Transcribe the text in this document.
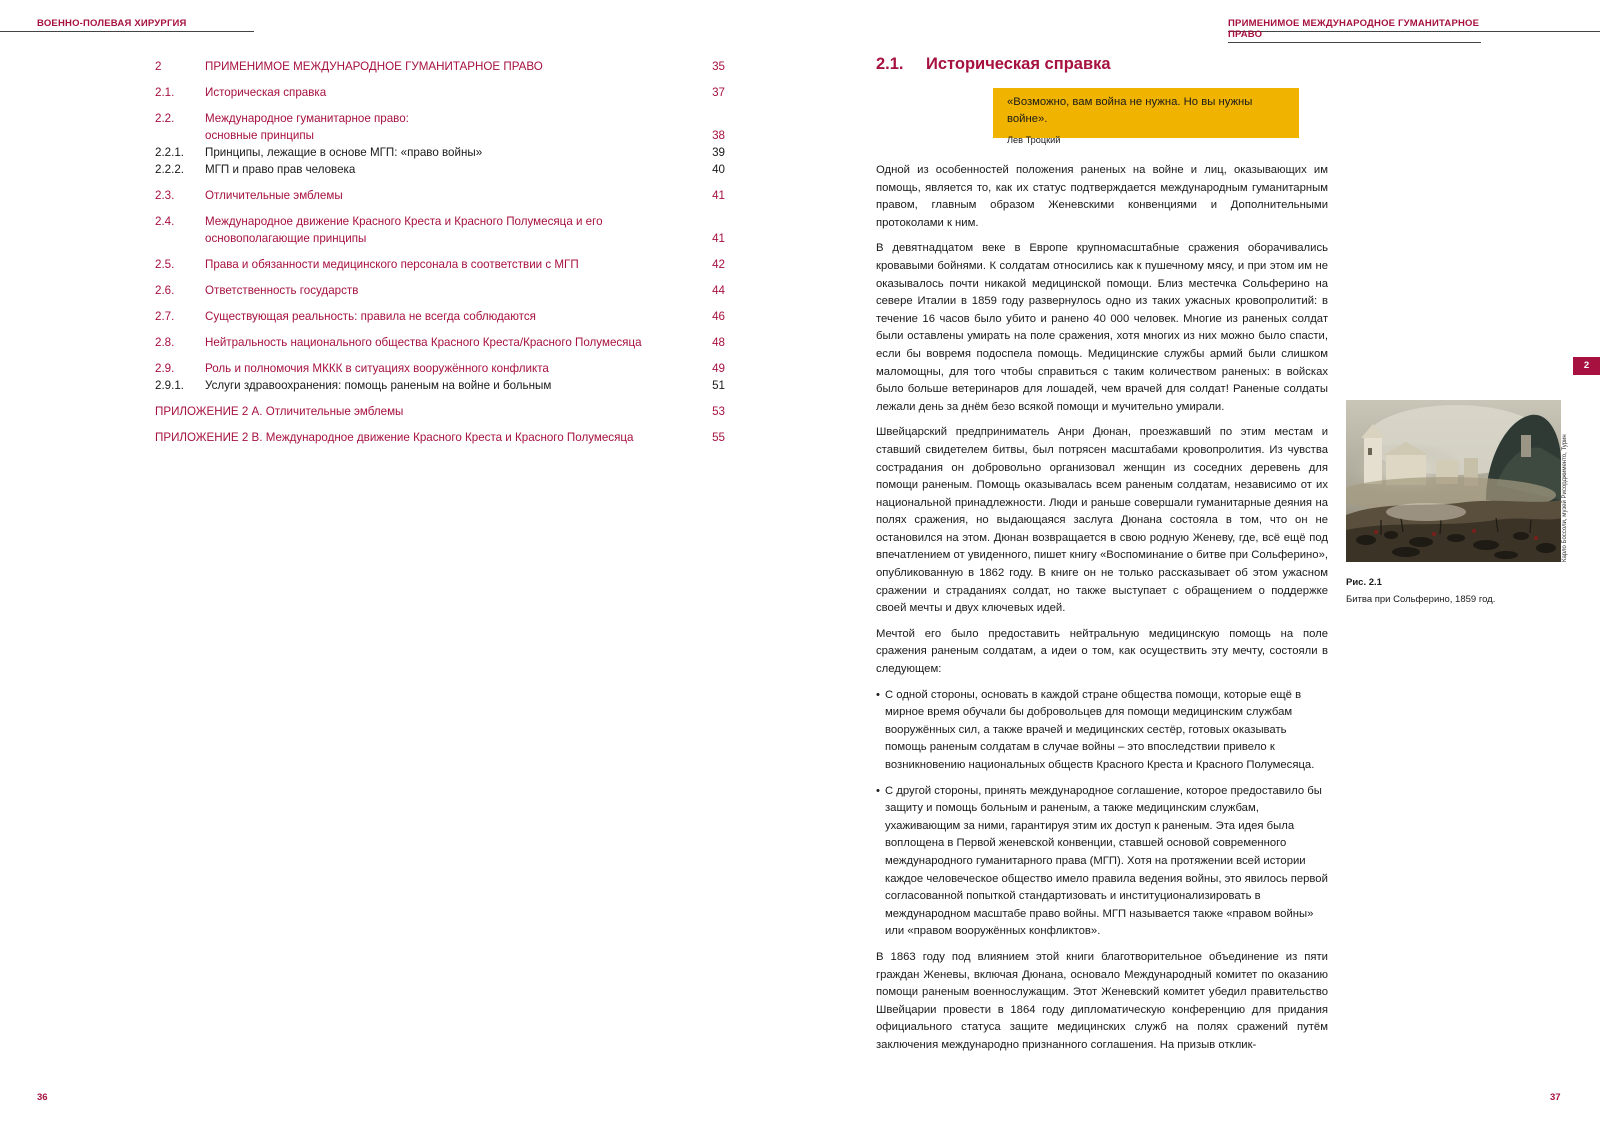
ВОЕННО-ПОЛЕВАЯ ХИРУРГИЯ	ПРИМЕНИМОЕ МЕЖДУНАРОДНОЕ ГУМАНИТАРНОЕ ПРАВО
2	ПРИМЕНИМОЕ МЕЖДУНАРОДНОЕ ГУМАНИТАРНОЕ ПРАВО	35
2.1.	Историческая справка	37
2.2.	Международное гуманитарное право: основные принципы	38
2.2.1.	Принципы, лежащие в основе МГП: «право войны»	39
2.2.2.	МГП и право прав человека	40
2.3.	Отличительные эмблемы	41
2.4.	Международное движение Красного Креста и Красного Полумесяца и его основополагающие принципы	41
2.5.	Права и обязанности медицинского персонала в соответствии с МГП	42
2.6.	Ответственность государств	44
2.7.	Существующая реальность: правила не всегда соблюдаются	46
2.8.	Нейтральность национального общества Красного Креста/Красного Полумесяца	48
2.9.	Роль и полномочия МККК в ситуациях вооружённого конфликта	49
2.9.1.	Услуги здравоохранения: помощь раненым на войне и больным	51
ПРИЛОЖЕНИЕ 2 A. Отличительные эмблемы	53
ПРИЛОЖЕНИЕ 2 B. Международное движение Красного Креста и Красного Полумесяца	55
2.1. Историческая справка
«Возможно, вам война не нужна. Но вы нужны войне».
Лев Троцкий

Одной из особенностей положения раненых на войне и лиц, оказывающих им помощь, является то, как их статус подтверждается международным гуманитарным правом, главным образом Женевскими конвенциями и Дополнительными протоколами к ним.

В девятнадцатом веке в Европе крупномасштабные сражения оборачивались кровавыми бойнями. К солдатам относились как к пушечному мясу, и при этом им не оказывалось почти никакой медицинской помощи. Близ местечка Сольферино на севере Италии в 1859 году развернулось одно из таких ужасных кровопролитий: в течение 16 часов было убито и ранено 40 000 человек. Многие из раненых солдат были оставлены умирать на поле сражения, хотя многих из них можно было спасти, если бы вовремя подоспела помощь. Медицинские службы армий были слишком маломощны, для того чтобы справиться с таким количеством раненых: в войсках было больше ветеринаров для лошадей, чем врачей для солдат! Раненые солдаты лежали день за днём безо всякой помощи и мучительно умирали.

Швейцарский предприниматель Анри Дюнан, проезжавший по этим местам и ставший свидетелем битвы, был потрясен масштабами кровопролития. Из чувства сострадания он добровольно организовал женщин из соседних деревень для помощи раненым. Помощь оказывалась всем раненым солдатам, независимо от их национальной принадлежности. Люди и раньше совершали гуманитарные деяния на полях сражения, но выдающаяся заслуга Дюнана состояла в том, что он не остановился на этом. Дюнан возвращается в свою родную Женеву, где, всё ещё под впечатлением от увиденного, пишет книгу «Воспоминание о битве при Сольферино», опубликованную в 1862 году. В книге он не только рассказывает об этом ужасном сражении и страданиях солдат, но также выступает с обращением о поддержке своей мечты и двух ключевых идей.

Мечтой его было предоставить нейтральную медицинскую помощь на поле сражения раненым солдатам, а идеи о том, как осуществить эту мечту, состояли в следующем:

• С одной стороны, основать в каждой стране общества помощи, которые ещё в мирное время обучали бы добровольцев для помощи медицинским службам вооружённых сил, а также врачей и медицинских сестёр, готовых оказывать помощь раненым солдатам в случае войны – это впоследствии привело к возникновению национальных обществ Красного Креста и Красного Полумесяца.
• С другой стороны, принять международное соглашение, которое предоставило бы защиту и помощь больным и раненым, а также медицинским службам, ухаживающим за ними, гарантируя этим их доступ к раненым. Эта идея была воплощена в Первой женевской конвенции, ставшей основой современного международного гуманитарного права (МГП). Хотя на протяжении всей истории каждое человеческое общество имело правила ведения войны, это явилось первой согласованной попыткой стандартизовать и институционализировать в международном масштабе право войны. МГП называется также «правом войны» или «правом вооружённых конфликтов».

В 1863 году под влиянием этой книги благотворительное объединение из пяти граждан Женевы, включая Дюнана, основало Международный комитет по оказанию помощи раненым военнослужащим. Этот Женевский комитет убедил правительство Швейцарии провести в 1864 году дипломатическую конференцию для придания официального статуса защите медицинских служб на полях сражений путём заключения международно признанного соглашения. На призыв отклик-

2
Карло Боссоли, музей Рисорджименто, Турин
Рис. 2.1
Битва при Сольферино, 1859 год.
36	37
